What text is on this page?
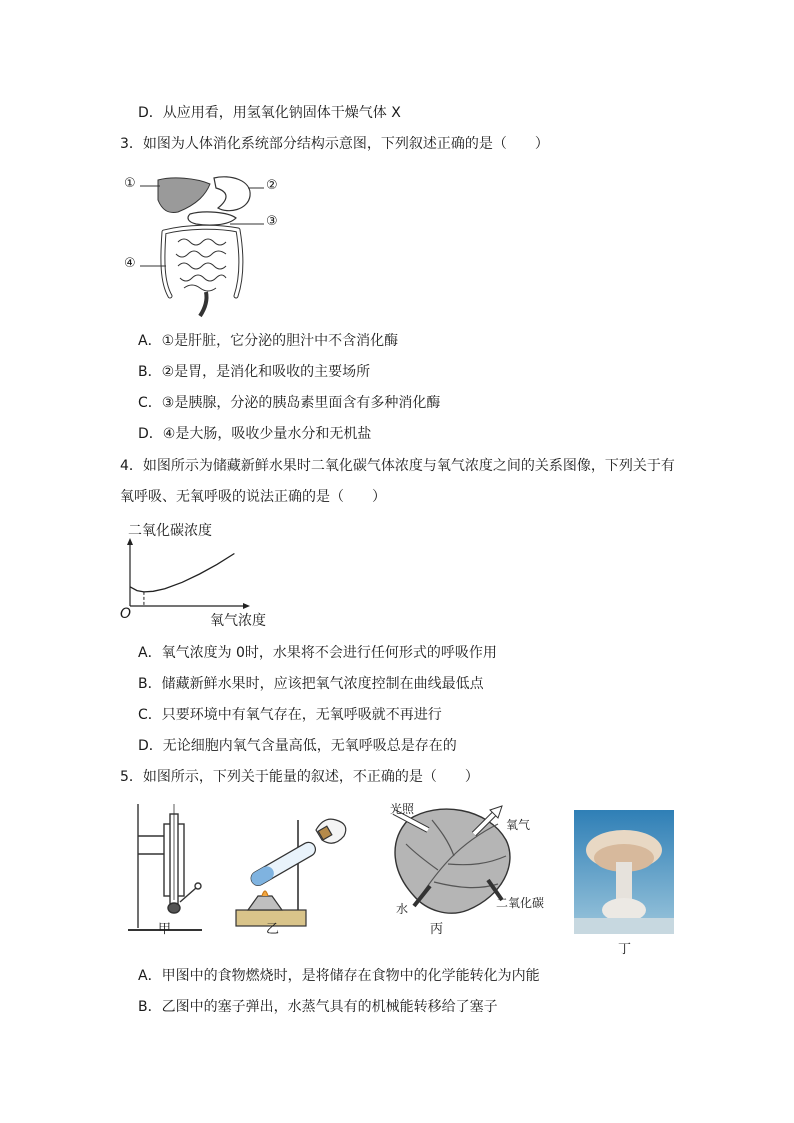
D．从应用看，用氢氧化钠固体干燥气体 X
3．如图为人体消化系统部分结构示意图，下列叙述正确的是（　　）
①	②
③
④
A．①是肝脏，它分泌的胆汁中不含消化酶
B．②是胃，是消化和吸收的主要场所
C．③是胰腺，分泌的胰岛素里面含有多种消化酶
D．④是大肠，吸收少量水分和无机盐
4．如图所示为储藏新鲜水果时二氧化碳气体浓度与氧气浓度之间的关系图像，下列关于有
氧呼吸、无氧呼吸的说法正确的是（　　）
二氧化碳浓度
O	氧气浓度
A．氧气浓度为 0时，水果将不会进行任何形式的呼吸作用
B．储藏新鲜水果时，应该把氧气浓度控制在曲线最低点
C．只要环境中有氧气存在，无氧呼吸就不再进行
D．无论细胞内氧气含量高低，无氧呼吸总是存在的
5．如图所示，下列关于能量的叙述，不正确的是（　　）
甲	乙
光照
氧气
水	二氧化碳
丙
丁
A．甲图中的食物燃烧时，是将储存在食物中的化学能转化为内能
B．乙图中的塞子弹出，水蒸气具有的机械能转移给了塞子
